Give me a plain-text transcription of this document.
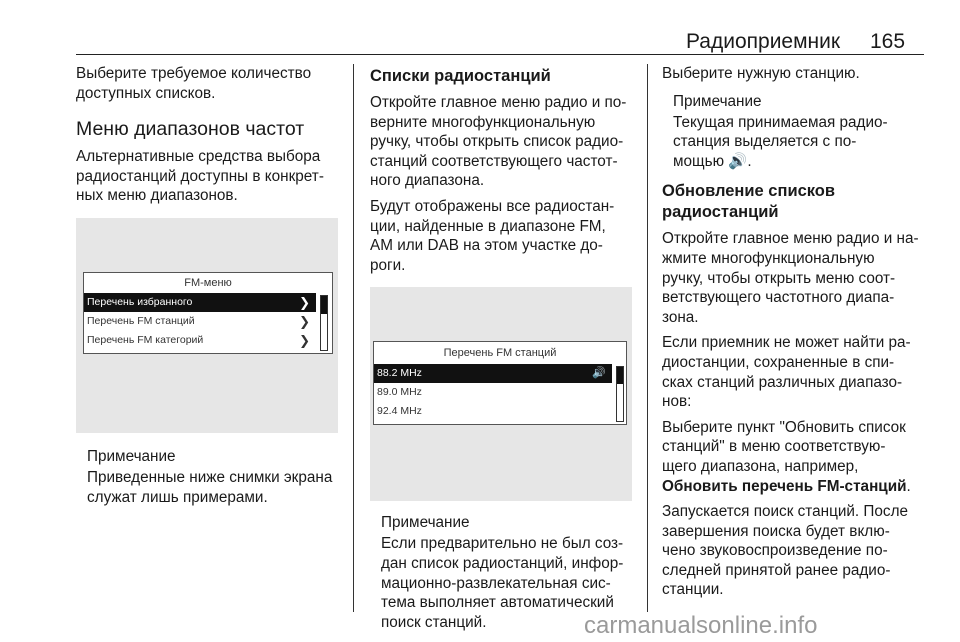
Радиоприемник 165

Выберите требуемое количество
доступных списков.

Меню диапазонов частот

Альтернативные средства выбора
радиостанций доступны в конкрет-
ных меню диапазонов.

FM-меню
Перечень избранного	❯
Перечень FM станций	❯
Перечень FM категорий	❯
Примечание

Приведенные ниже снимки экрана
служат лишь примерами.

Списки радиостанций

Откройте главное меню радио и по-
верните многофункциональную
ручку, чтобы открыть список радио-
станций соответствующего частот-
ного диапазона.

Будут отображены все радиостан-
ции, найденные в диапазоне FM,
AM или DAB на этом участке до-
роги.

Перечень FM станций
88.2 MHz	🔊
89.0 MHz
92.4 MHz
Примечание

Если предварительно не был соз-
дан список радиостанций, инфор-
мационно-развлекательная сис-
тема выполняет автоматический
поиск станций.

Выберите нужную станцию.

Примечание

Текущая принимаемая радио-
станция выделяется с по-
мощью 🔊.

Обновление списков
радиостанций

Откройте главное меню радио и на-
жмите многофункциональную
ручку, чтобы открыть меню соот-
ветствующего частотного диапа-
зона.

Если приемник не может найти ра-
диостанции, сохраненные в спи-
сках станций различных диапазо-
нов:

Выберите пункт "Обновить список
станций" в меню соответствую-
щего диапазона, например,
Обновить перечень FM-станций.

Запускается поиск станций. После
завершения поиска будет вклю-
чено звуковоспроизведение по-
следней принятой ранее радио-
станции.

carmanualsonline.info
